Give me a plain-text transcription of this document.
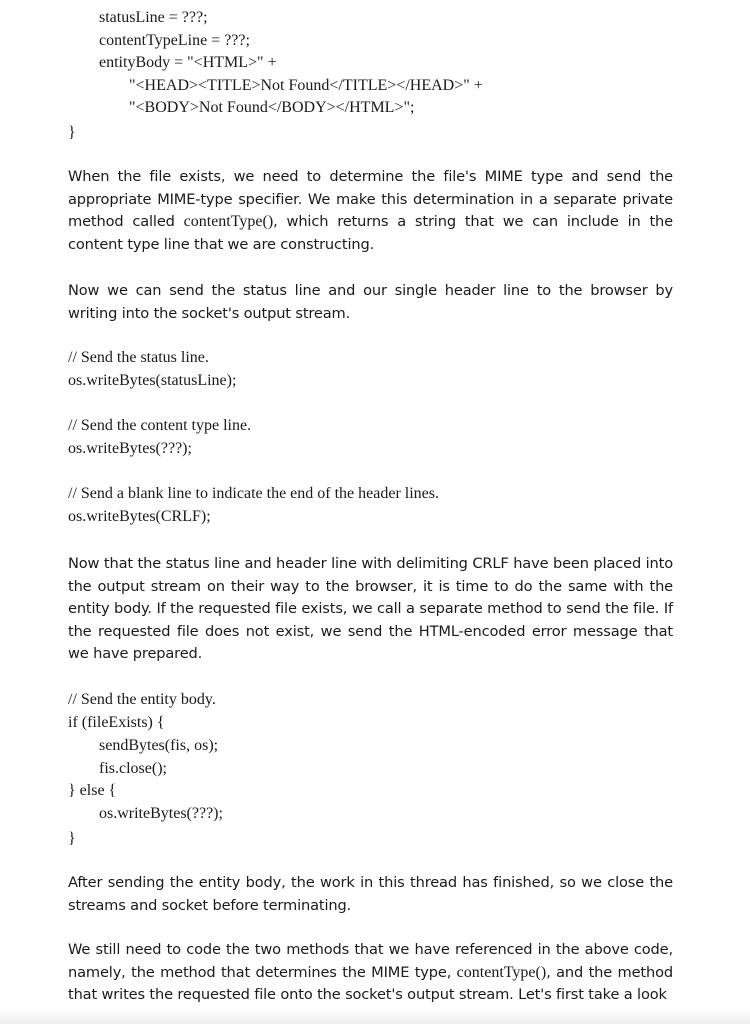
statusLine = ???;
contentTypeLine = ???;
entityBody = "<HTML>" +
"<HEAD><TITLE>Not Found</TITLE></HEAD>" +
"<BODY>Not Found</BODY></HTML>";
}
When the file exists, we need to determine the file's MIME type and send the appropriate MIME-type specifier. We make this determination in a separate private method called contentType(), which returns a string that we can include in the content type line that we are constructing.
Now we can send the status line and our single header line to the browser by writing into the socket's output stream.
// Send the status line.
os.writeBytes(statusLine);
// Send the content type line.
os.writeBytes(???);
// Send a blank line to indicate the end of the header lines.
os.writeBytes(CRLF);
Now that the status line and header line with delimiting CRLF have been placed into the output stream on their way to the browser, it is time to do the same with the entity body. If the requested file exists, we call a separate method to send the file. If the requested file does not exist, we send the HTML-encoded error message that we have prepared.
// Send the entity body.
if (fileExists) {
sendBytes(fis, os);
fis.close();
} else {
os.writeBytes(???);
}
After sending the entity body, the work in this thread has finished, so we close the streams and socket before terminating.
We still need to code the two methods that we have referenced in the above code, namely, the method that determines the MIME type, contentType(), and the method that writes the requested file onto the socket's output stream. Let's first take a look
